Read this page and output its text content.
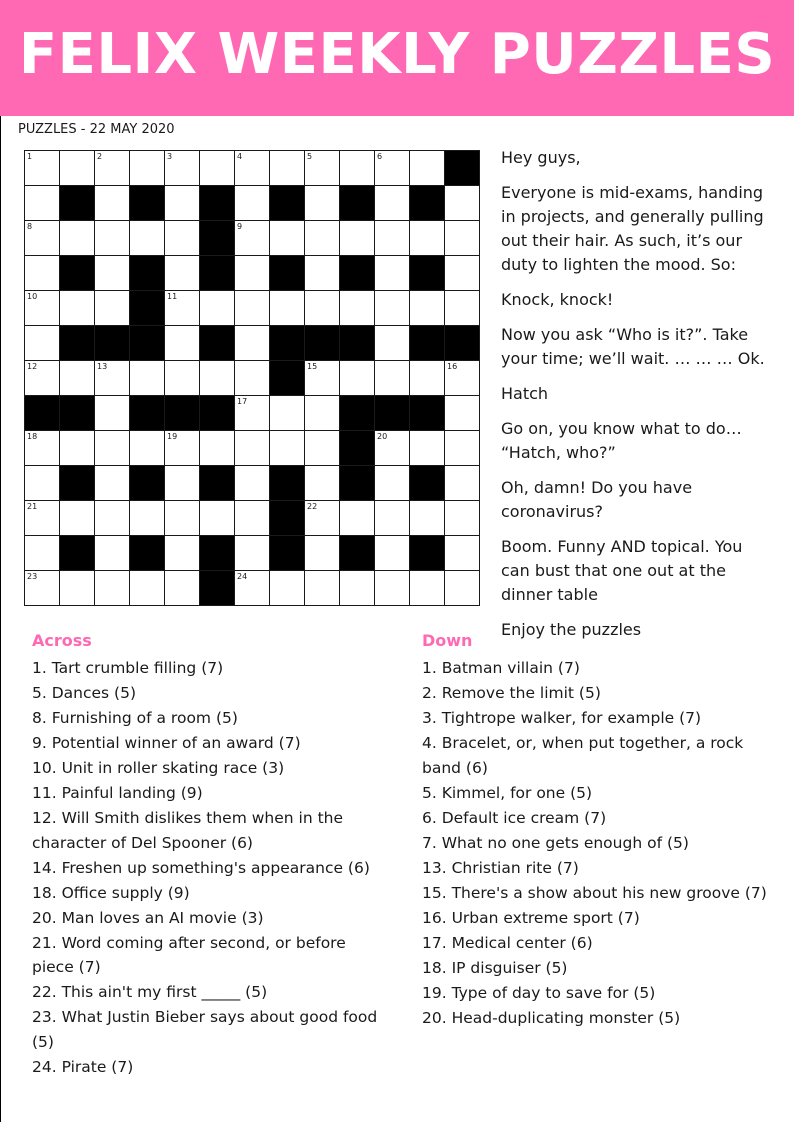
FELIX WEEKLY PUZZLES
PUZZLES - 22 MAY 2020
1	2	3	4	5	6
8	9
10	11
12	13	15	16
17
18	19	20
21	22
23	24

Hey guys,

Everyone is mid-exams, handing in projects, and generally pulling out their hair. As such, it’s our duty to lighten the mood. So:

Knock, knock!

Now you ask “Who is it?”. Take your time; we’ll wait. … … … Ok.

Hatch

Go on, you know what to do… “Hatch, who?”

Oh, damn! Do you have coronavirus?

Boom. Funny AND topical. You can bust that one out at the dinner table

Enjoy the puzzles

Across
1. Tart crumble filling (7)
5. Dances (5)
8. Furnishing of a room (5)
9. Potential winner of an award (7)
10. Unit in roller skating race (3)
11. Painful landing (9)
12. Will Smith dislikes them when in the character of Del Spooner (6)
14. Freshen up something's appearance (6)
18. Office supply (9)
20. Man loves an AI movie (3)
21. Word coming after second, or before piece (7)
22. This ain't my first _____ (5)
23. What Justin Bieber says about good food (5)
24. Pirate (7)
Down
1. Batman villain (7)
2. Remove the limit (5)
3. Tightrope walker, for example (7)
4. Bracelet, or, when put together, a rock band (6)
5. Kimmel, for one (5)
6. Default ice cream (7)
7. What no one gets enough of (5)
13. Christian rite (7)
15. There's a show about his new groove (7)
16. Urban extreme sport (7)
17. Medical center (6)
18. IP disguiser (5)
19. Type of day to save for (5)
20. Head-duplicating monster (5)
